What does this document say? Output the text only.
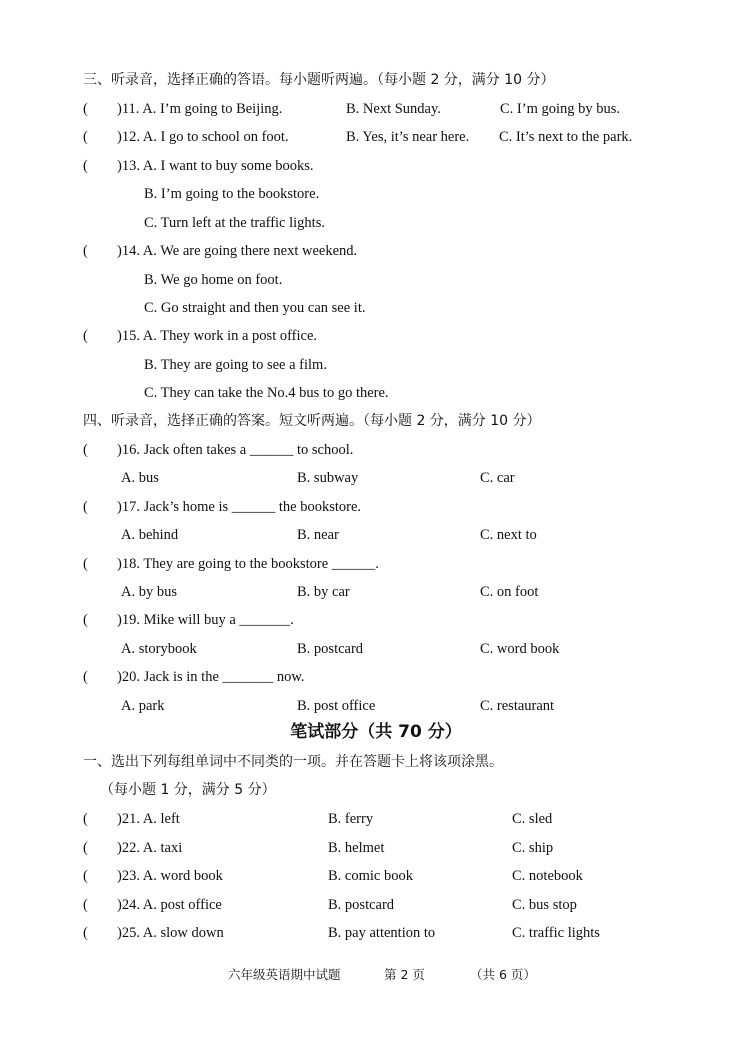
三、听录音，选择正确的答语。每小题听两遍。（每小题 2 分，满分 10 分）
( )11. A. I’m going to Beijing.	B. Next Sunday.	C. I’m going by bus.
( )12. A. I go to school on foot.	B. Yes, it’s near here. C. It’s next to the park.
( )13. A. I want to buy some books.
B. I’m going to the bookstore.
C. Turn left at the traffic lights.
( )14. A. We are going there next weekend.
B. We go home on foot.
C. Go straight and then you can see it.
( )15. A. They work in a post office.
B. They are going to see a film.
C. They can take the No.4 bus to go there.
四、听录音，选择正确的答案。短文听两遍。（每小题 2 分，满分 10 分）
( )16. Jack often takes a ______ to school.
A. bus	B. subway	C. car
( )17. Jack’s home is ______ the bookstore.
A. behind	B. near	C. next to
( )18. They are going to the bookstore ______.
A. by bus	B. by car	C. on foot
( )19. Mike will buy a _______.
A. storybook	B. postcard	C. word book
( )20. Jack is in the _______ now.
A. park	B. post office	C. restaurant
笔试部分（共 70 分）
一、选出下列每组单词中不同类的一项。并在答题卡上将该项涂黑。
（每小题 1 分，满分 5 分）
( )21. A. left	B. ferry	C. sled
( )22. A. taxi	B. helmet	C. ship
( )23. A. word book	B. comic book	C. notebook
( )24. A. post office	B. postcard	C. bus stop
( )25. A. slow down	B. pay attention to	C. traffic lights
六年级英语期中试题	第 2 页	（共 6 页）
